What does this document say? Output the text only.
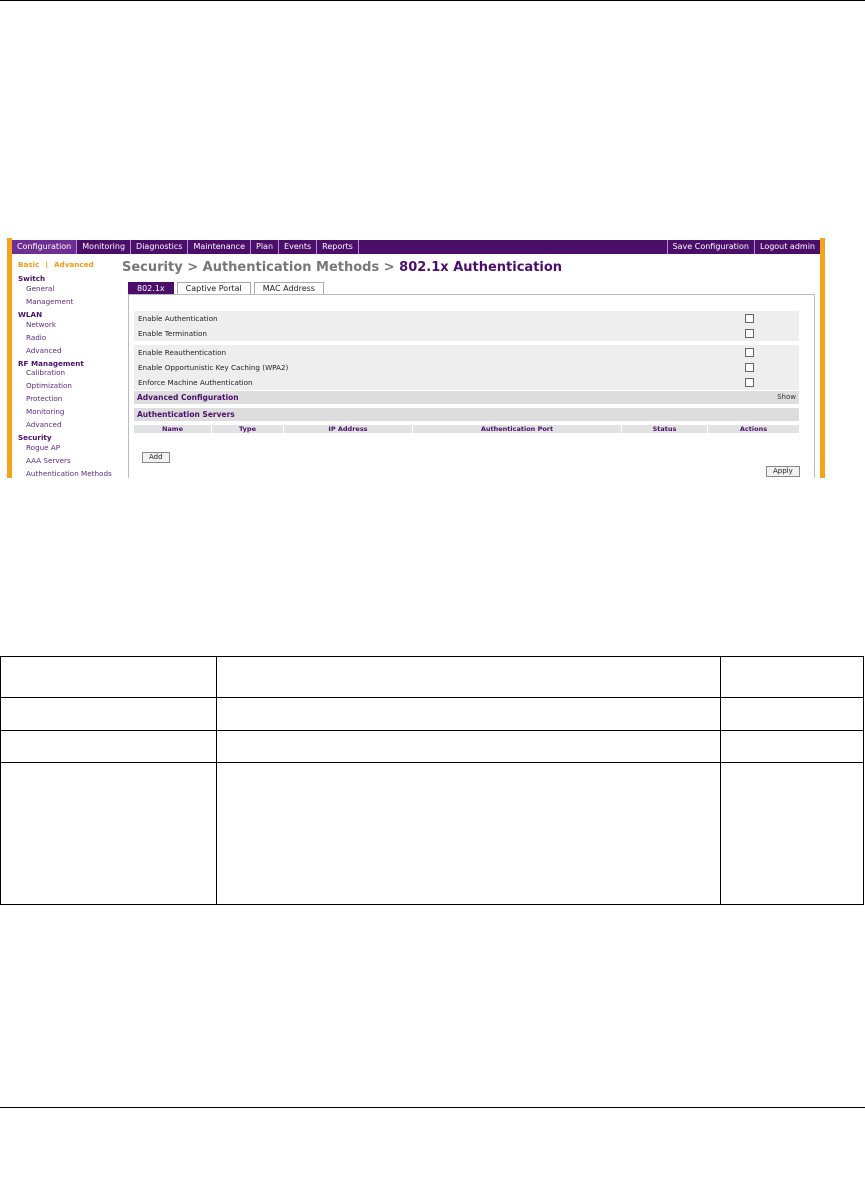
Configuration	Monitoring	Diagnostics	Maintenance	Plan	Events	Reports	Save Configuration	Logout admin
Basic | Advanced
Switch
General
Management
WLAN
Network
Radio
Advanced
RF Management
Calibration
Optimization
Protection
Monitoring
Advanced
Security
Rogue AP
AAA Servers
Authentication Methods
Security > Authentication Methods > 802.1x Authentication
802.1x	Captive Portal	MAC Address
Enable Authentication
Enable Termination
Enable Reauthentication
Enable Opportunistic Key Caching (WPA2)
Enforce Machine Authentication
Advanced Configuration	Show
Authentication Servers
Name	Type	IP Address	Authentication Port	Status	Actions
Add
Apply
